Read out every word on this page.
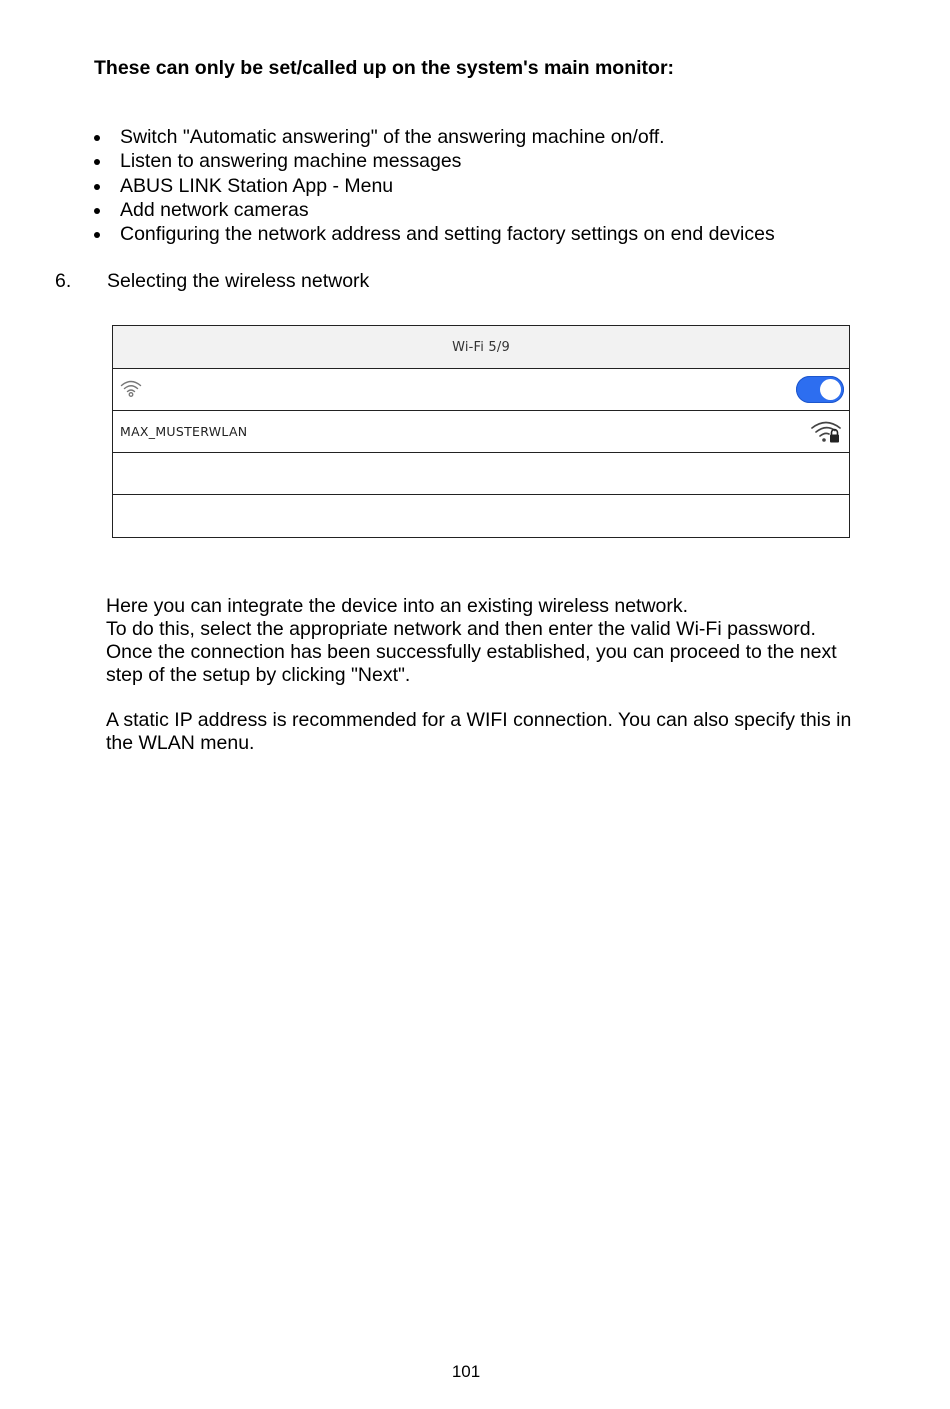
These can only be set/called up on the system's main monitor:
Switch "Automatic answering" of the answering machine on/off.
Listen to answering machine messages
ABUS LINK Station App - Menu
Add network cameras
Configuring the network address and setting factory settings on end devices
6. Selecting the wireless network
Wi-Fi 5/9
MAX_MUSTERWLAN
Here you can integrate the device into an existing wireless network.
To do this, select the appropriate network and then enter the valid Wi-Fi password.
Once the connection has been successfully established, you can proceed to the next
step of the setup by clicking "Next".
A static IP address is recommended for a WIFI connection. You can also specify this in
the WLAN menu.
101
